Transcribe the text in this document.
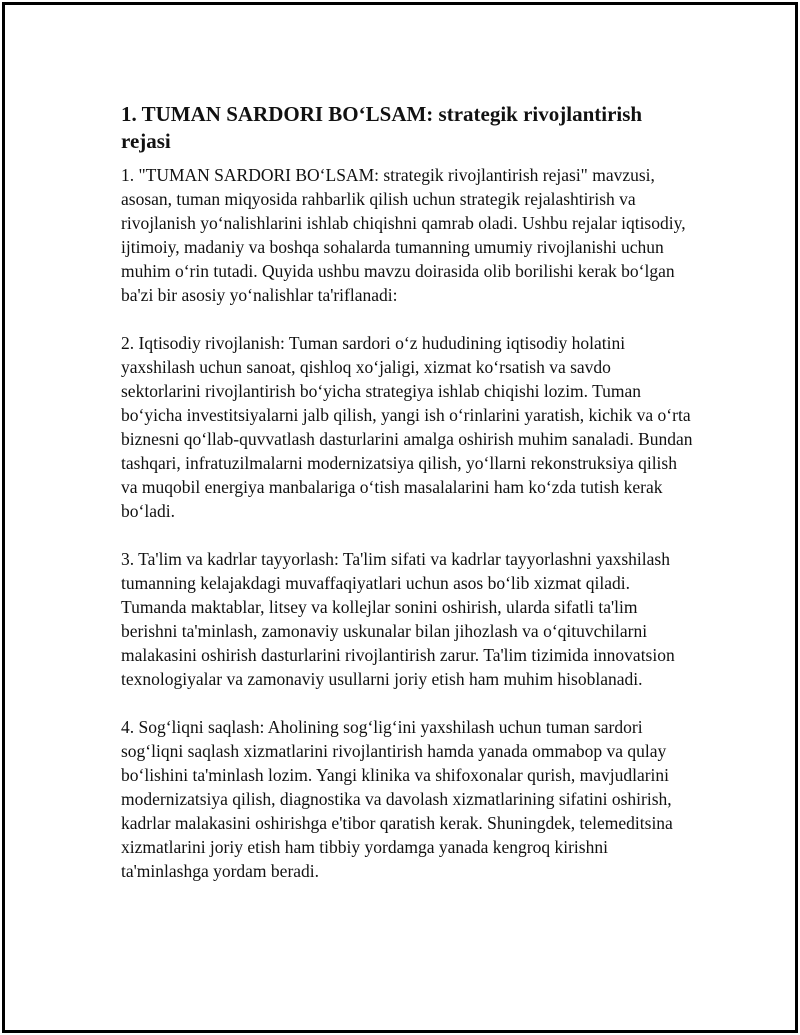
1. TUMAN SARDORI BO‘LSAM: strategik rivojlantirish rejasi

1. "TUMAN SARDORI BO‘LSAM: strategik rivojlantirish rejasi" mavzusi, asosan, tuman miqyosida rahbarlik qilish uchun strategik rejalashtirish va rivojlanish yo‘nalishlarini ishlab chiqishni qamrab oladi. Ushbu rejalar iqtisodiy, ijtimoiy, madaniy va boshqa sohalarda tumanning umumiy rivojlanishi uchun muhim o‘rin tutadi. Quyida ushbu mavzu doirasida olib borilishi kerak bo‘lgan ba'zi bir asosiy yo‘nalishlar ta'riflanadi:

2. Iqtisodiy rivojlanish: Tuman sardori o‘z hududining iqtisodiy holatini yaxshilash uchun sanoat, qishloq xo‘jaligi, xizmat ko‘rsatish va savdo sektorlarini rivojlantirish bo‘yicha strategiya ishlab chiqishi lozim. Tuman bo‘yicha investitsiyalarni jalb qilish, yangi ish o‘rinlarini yaratish, kichik va o‘rta biznesni qo‘llab-quvvatlash dasturlarini amalga oshirish muhim sanaladi. Bundan tashqari, infratuzilmalarni modernizatsiya qilish, yo‘llarni rekonstruksiya qilish va muqobil energiya manbalariga o‘tish masalalarini ham ko‘zda tutish kerak bo‘ladi.

3. Ta'lim va kadrlar tayyorlash: Ta'lim sifati va kadrlar tayyorlashni yaxshilash tumanning kelajakdagi muvaffaqiyatlari uchun asos bo‘lib xizmat qiladi. Tumanda maktablar, litsey va kollejlar sonini oshirish, ularda sifatli ta'lim berishni ta'minlash, zamonaviy uskunalar bilan jihozlash va o‘qituvchilarni malakasini oshirish dasturlarini rivojlantirish zarur. Ta'lim tizimida innovatsion texnologiyalar va zamonaviy usullarni joriy etish ham muhim hisoblanadi.

4. Sog‘liqni saqlash: Aholining sog‘lig‘ini yaxshilash uchun tuman sardori sog‘liqni saqlash xizmatlarini rivojlantirish hamda yanada ommabop va qulay bo‘lishini ta'minlash lozim. Yangi klinika va shifoxonalar qurish, mavjudlarini modernizatsiya qilish, diagnostika va davolash xizmatlarining sifatini oshirish, kadrlar malakasini oshirishga e'tibor qaratish kerak. Shuningdek, telemeditsina xizmatlarini joriy etish ham tibbiy yordamga yanada kengroq kirishni ta'minlashga yordam beradi.
